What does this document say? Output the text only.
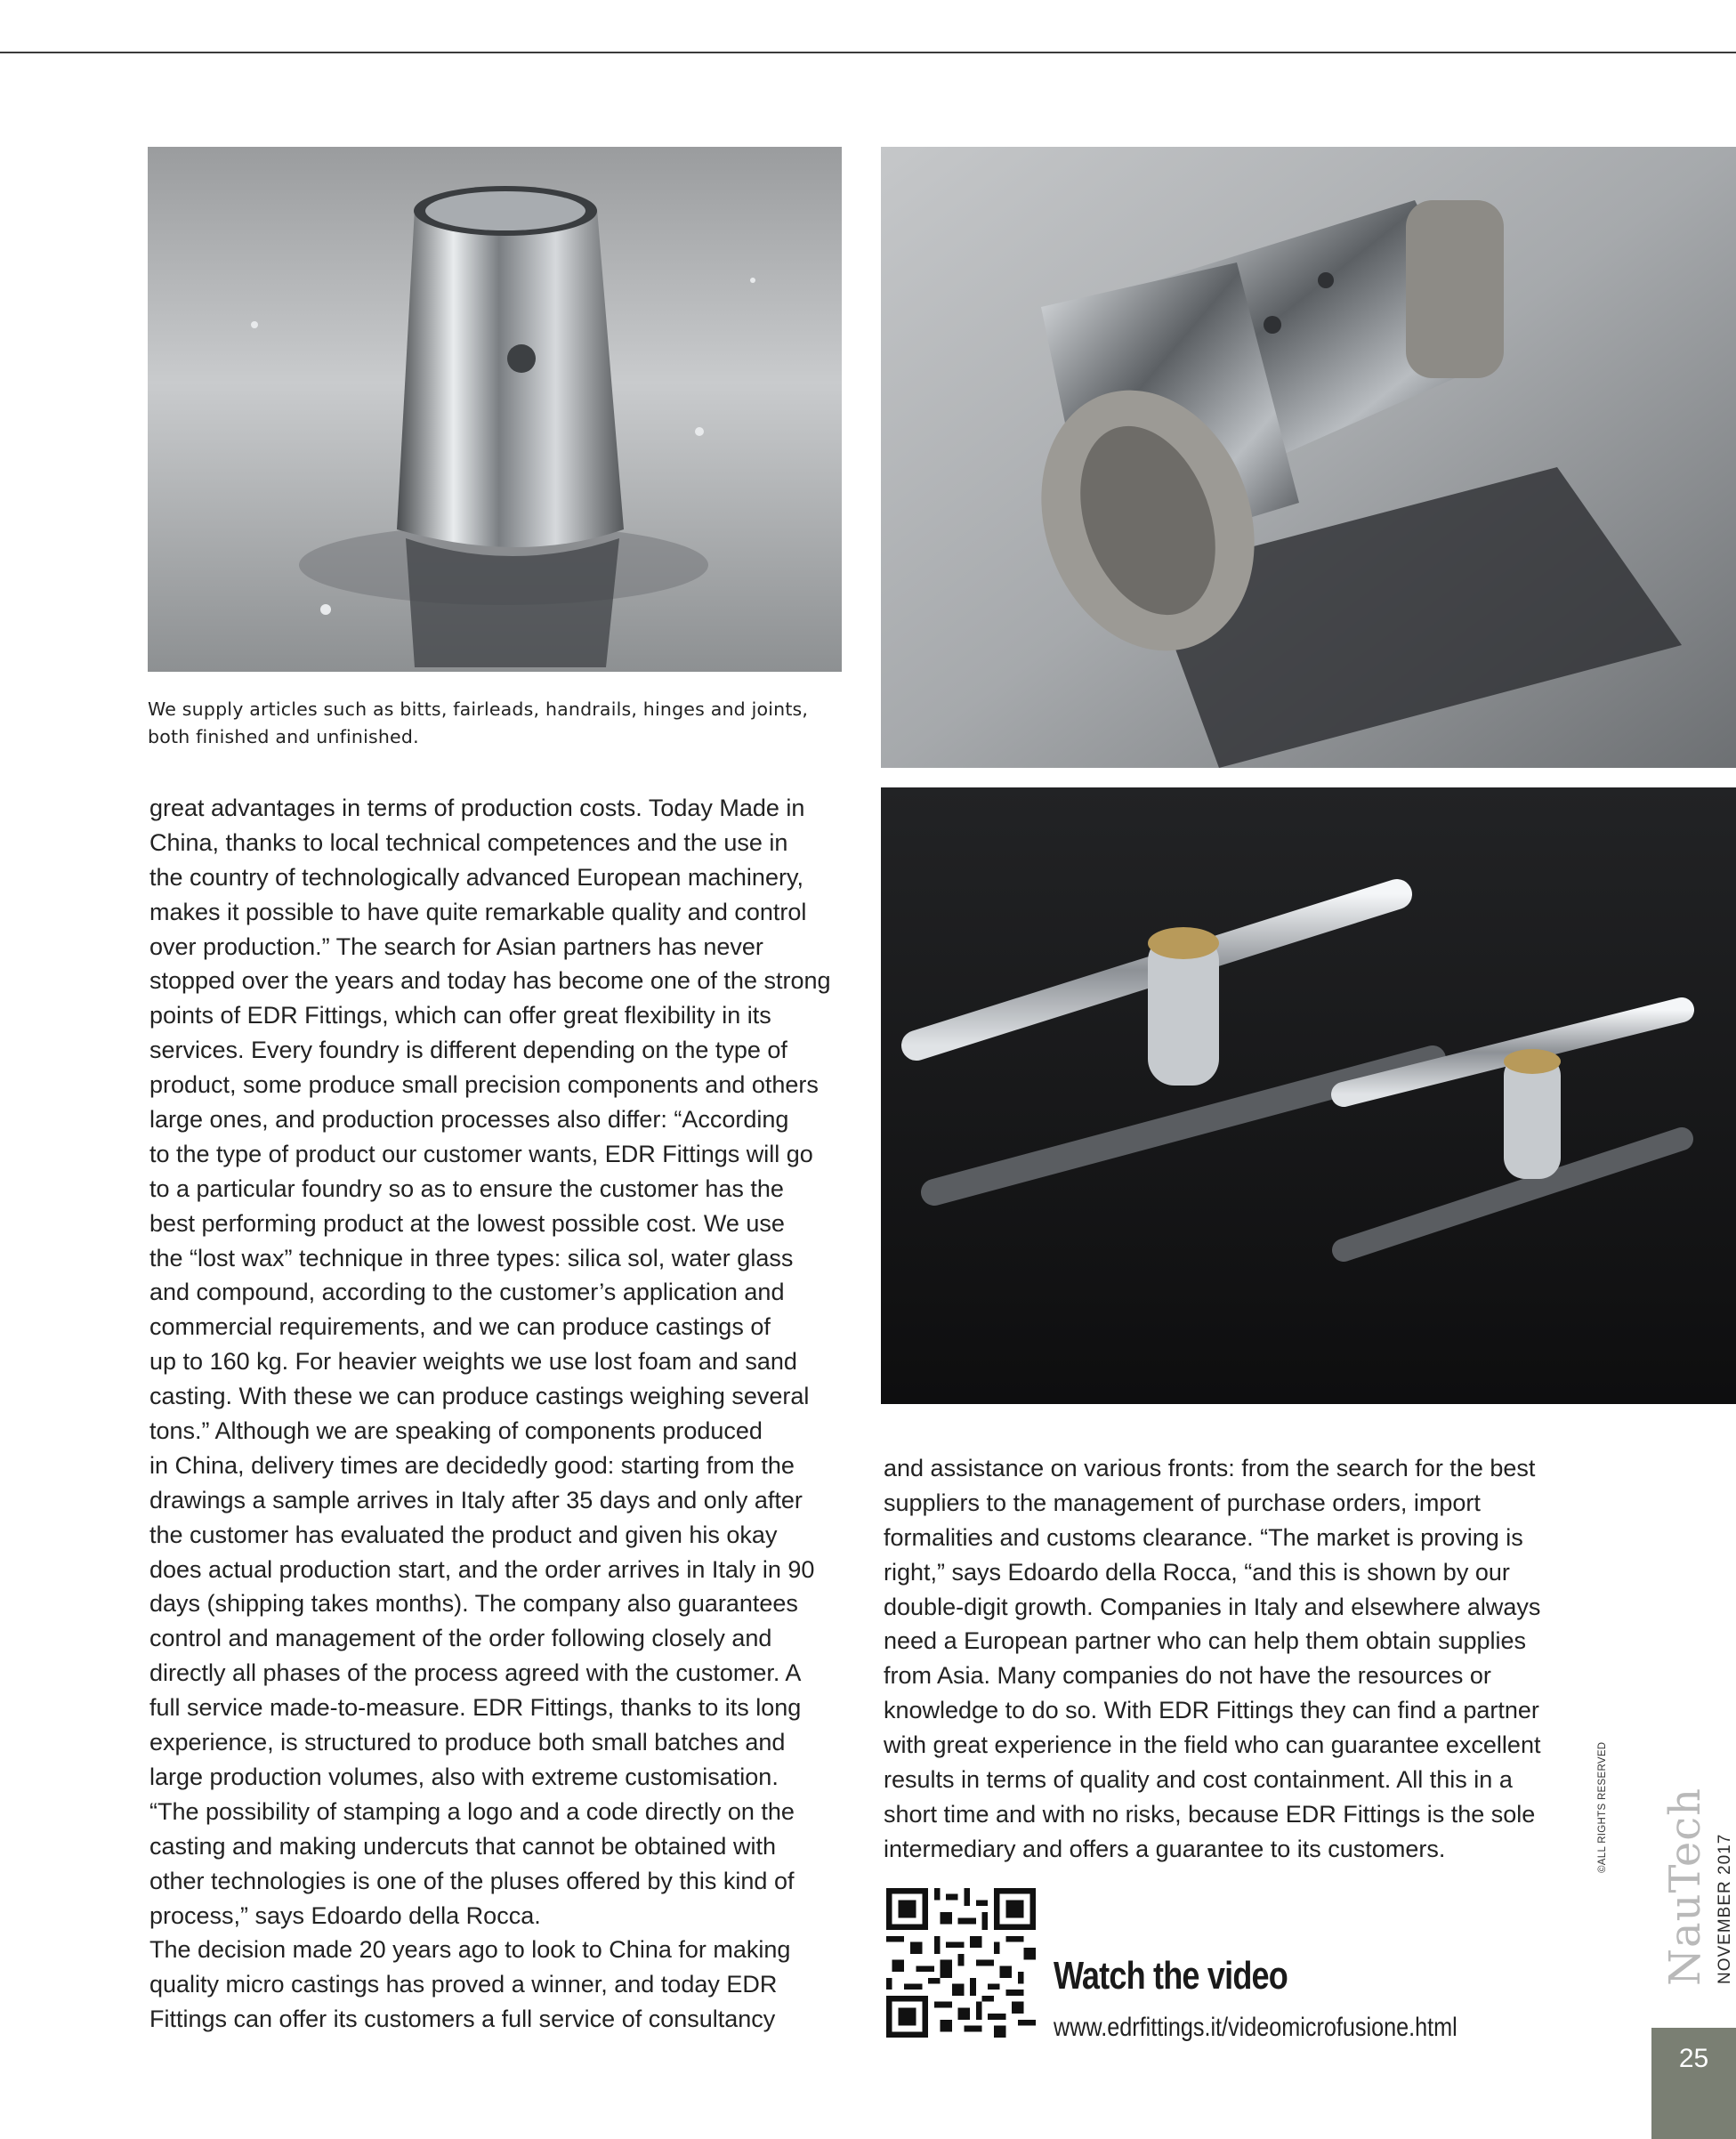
We supply articles such as bitts, fairleads, handrails, hinges and joints,
both finished and unfinished.
great advantages in terms of production costs. Today Made in
China, thanks to local technical competences and the use in
the country of technologically advanced European machinery,
makes it possible to have quite remarkable quality and control
over production.” The search for Asian partners has never
stopped over the years and today has become one of the strong
points of EDR Fittings, which can offer great flexibility in its
services. Every foundry is different depending on the type of
product, some produce small precision components and others
large ones, and production processes also differ: “According
to the type of product our customer wants, EDR Fittings will go
to a particular foundry so as to ensure the customer has the
best performing product at the lowest possible cost. We use
the “lost wax” technique in three types: silica sol, water glass
and compound, according to the customer’s application and
commercial requirements, and we can produce castings of
up to 160 kg. For heavier weights we use lost foam and sand
casting. With these we can produce castings weighing several
tons.” Although we are speaking of components produced
in China, delivery times are decidedly good: starting from the
drawings a sample arrives in Italy after 35 days and only after
the customer has evaluated the product and given his okay
does actual production start, and the order arrives in Italy in 90
days (shipping takes months). The company also guarantees
control and management of the order following closely and
directly all phases of the process agreed with the customer. A
full service made-to-measure. EDR Fittings, thanks to its long
experience, is structured to produce both small batches and
large production volumes, also with extreme customisation.
“The possibility of stamping a logo and a code directly on the
casting and making undercuts that cannot be obtained with
other technologies is one of the pluses offered by this kind of
process,” says Edoardo della Rocca.
The decision made 20 years ago to look to China for making
quality micro castings has proved a winner, and today EDR
Fittings can offer its customers a full service of consultancy
and assistance on various fronts: from the search for the best
suppliers to the management of purchase orders, import
formalities and customs clearance. “The market is proving is
right,” says Edoardo della Rocca, “and this is shown by our
double-digit growth. Companies in Italy and elsewhere always
need a European partner who can help them obtain supplies
from Asia. Many companies do not have the resources or
knowledge to do so. With EDR Fittings they can find a partner
with great experience in the field who can guarantee excellent
results in terms of quality and cost containment. All this in a
short time and with no risks, because EDR Fittings is the sole
intermediary and offers a guarantee to its customers.
Watch the video
www.edrfittings.it/videomicrofusione.html
©ALL RIGHTS RESERVED NauTech NOVEMBER 2017
25
